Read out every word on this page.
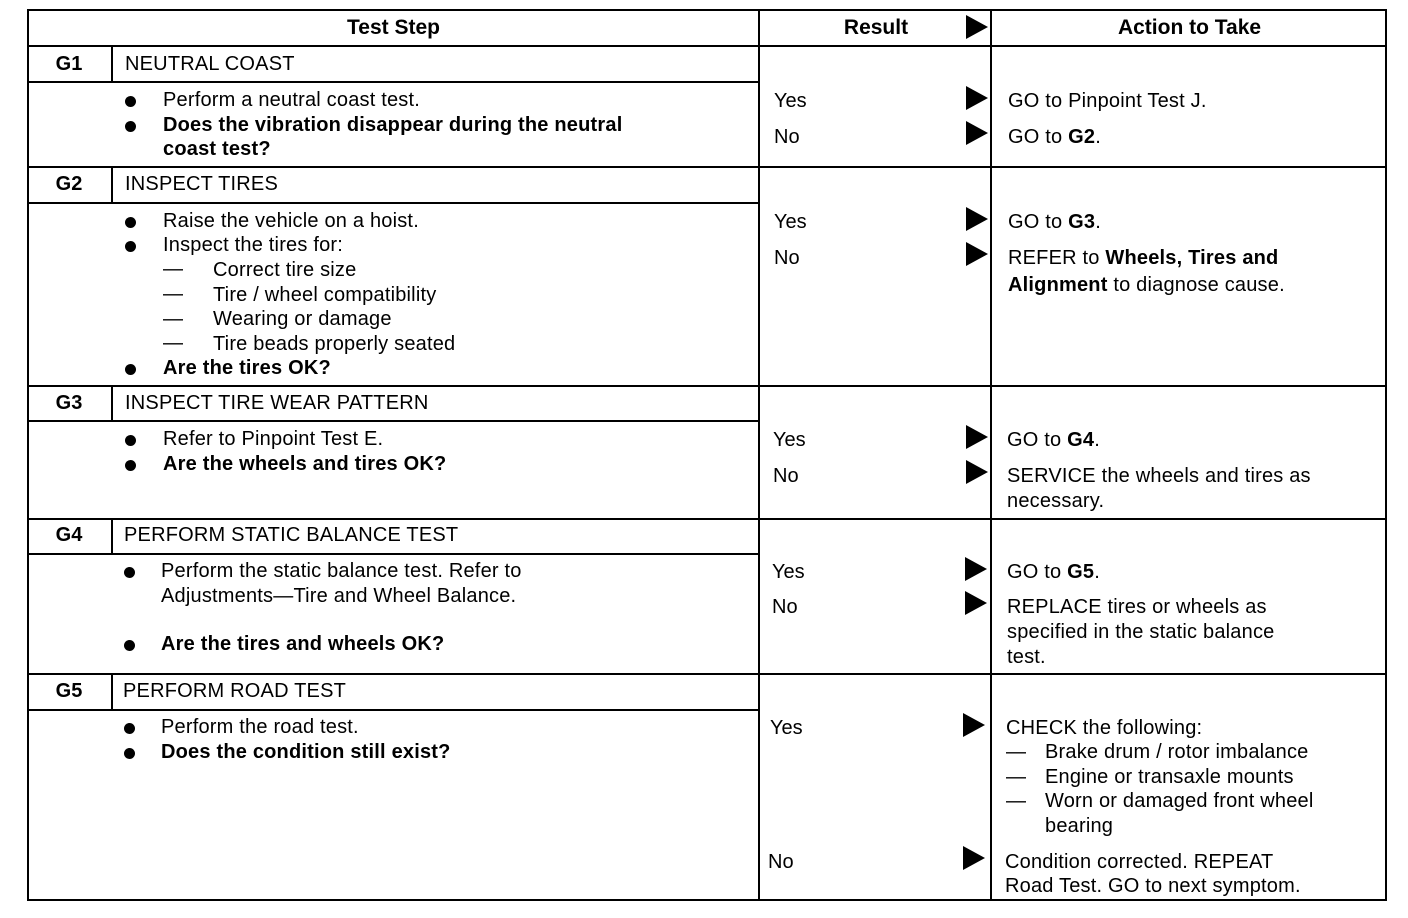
Test Step	Result	Action to Take
G1	NEUTRAL COAST
Perform a neutral coast test.
Does the vibration disappear during the neutral
coast test?
Yes	GO to Pinpoint Test J.
No	GO to G2.
G2	INSPECT TIRES
Raise the vehicle on a hoist.
Inspect the tires for:
— Correct tire size
— Tire / wheel compatibility
— Wearing or damage
— Tire beads properly seated
Are the tires OK?
Yes	GO to G3.
No	REFER to Wheels, Tires and
Alignment to diagnose cause.
G3	INSPECT TIRE WEAR PATTERN
Refer to Pinpoint Test E.
Are the wheels and tires OK?
Yes	GO to G4.
No	SERVICE the wheels and tires as
necessary.
G4	PERFORM STATIC BALANCE TEST
Perform the static balance test. Refer to
Adjustments—Tire and Wheel Balance.
Are the tires and wheels OK?
Yes	GO to G5.
No	REPLACE tires or wheels as
specified in the static balance
test.
G5	PERFORM ROAD TEST
Perform the road test.
Does the condition still exist?
Yes	CHECK the following:
— Brake drum / rotor imbalance
— Engine or transaxle mounts
— Worn or damaged front wheel
bearing
No	Condition corrected. REPEAT
Road Test. GO to next symptom.
